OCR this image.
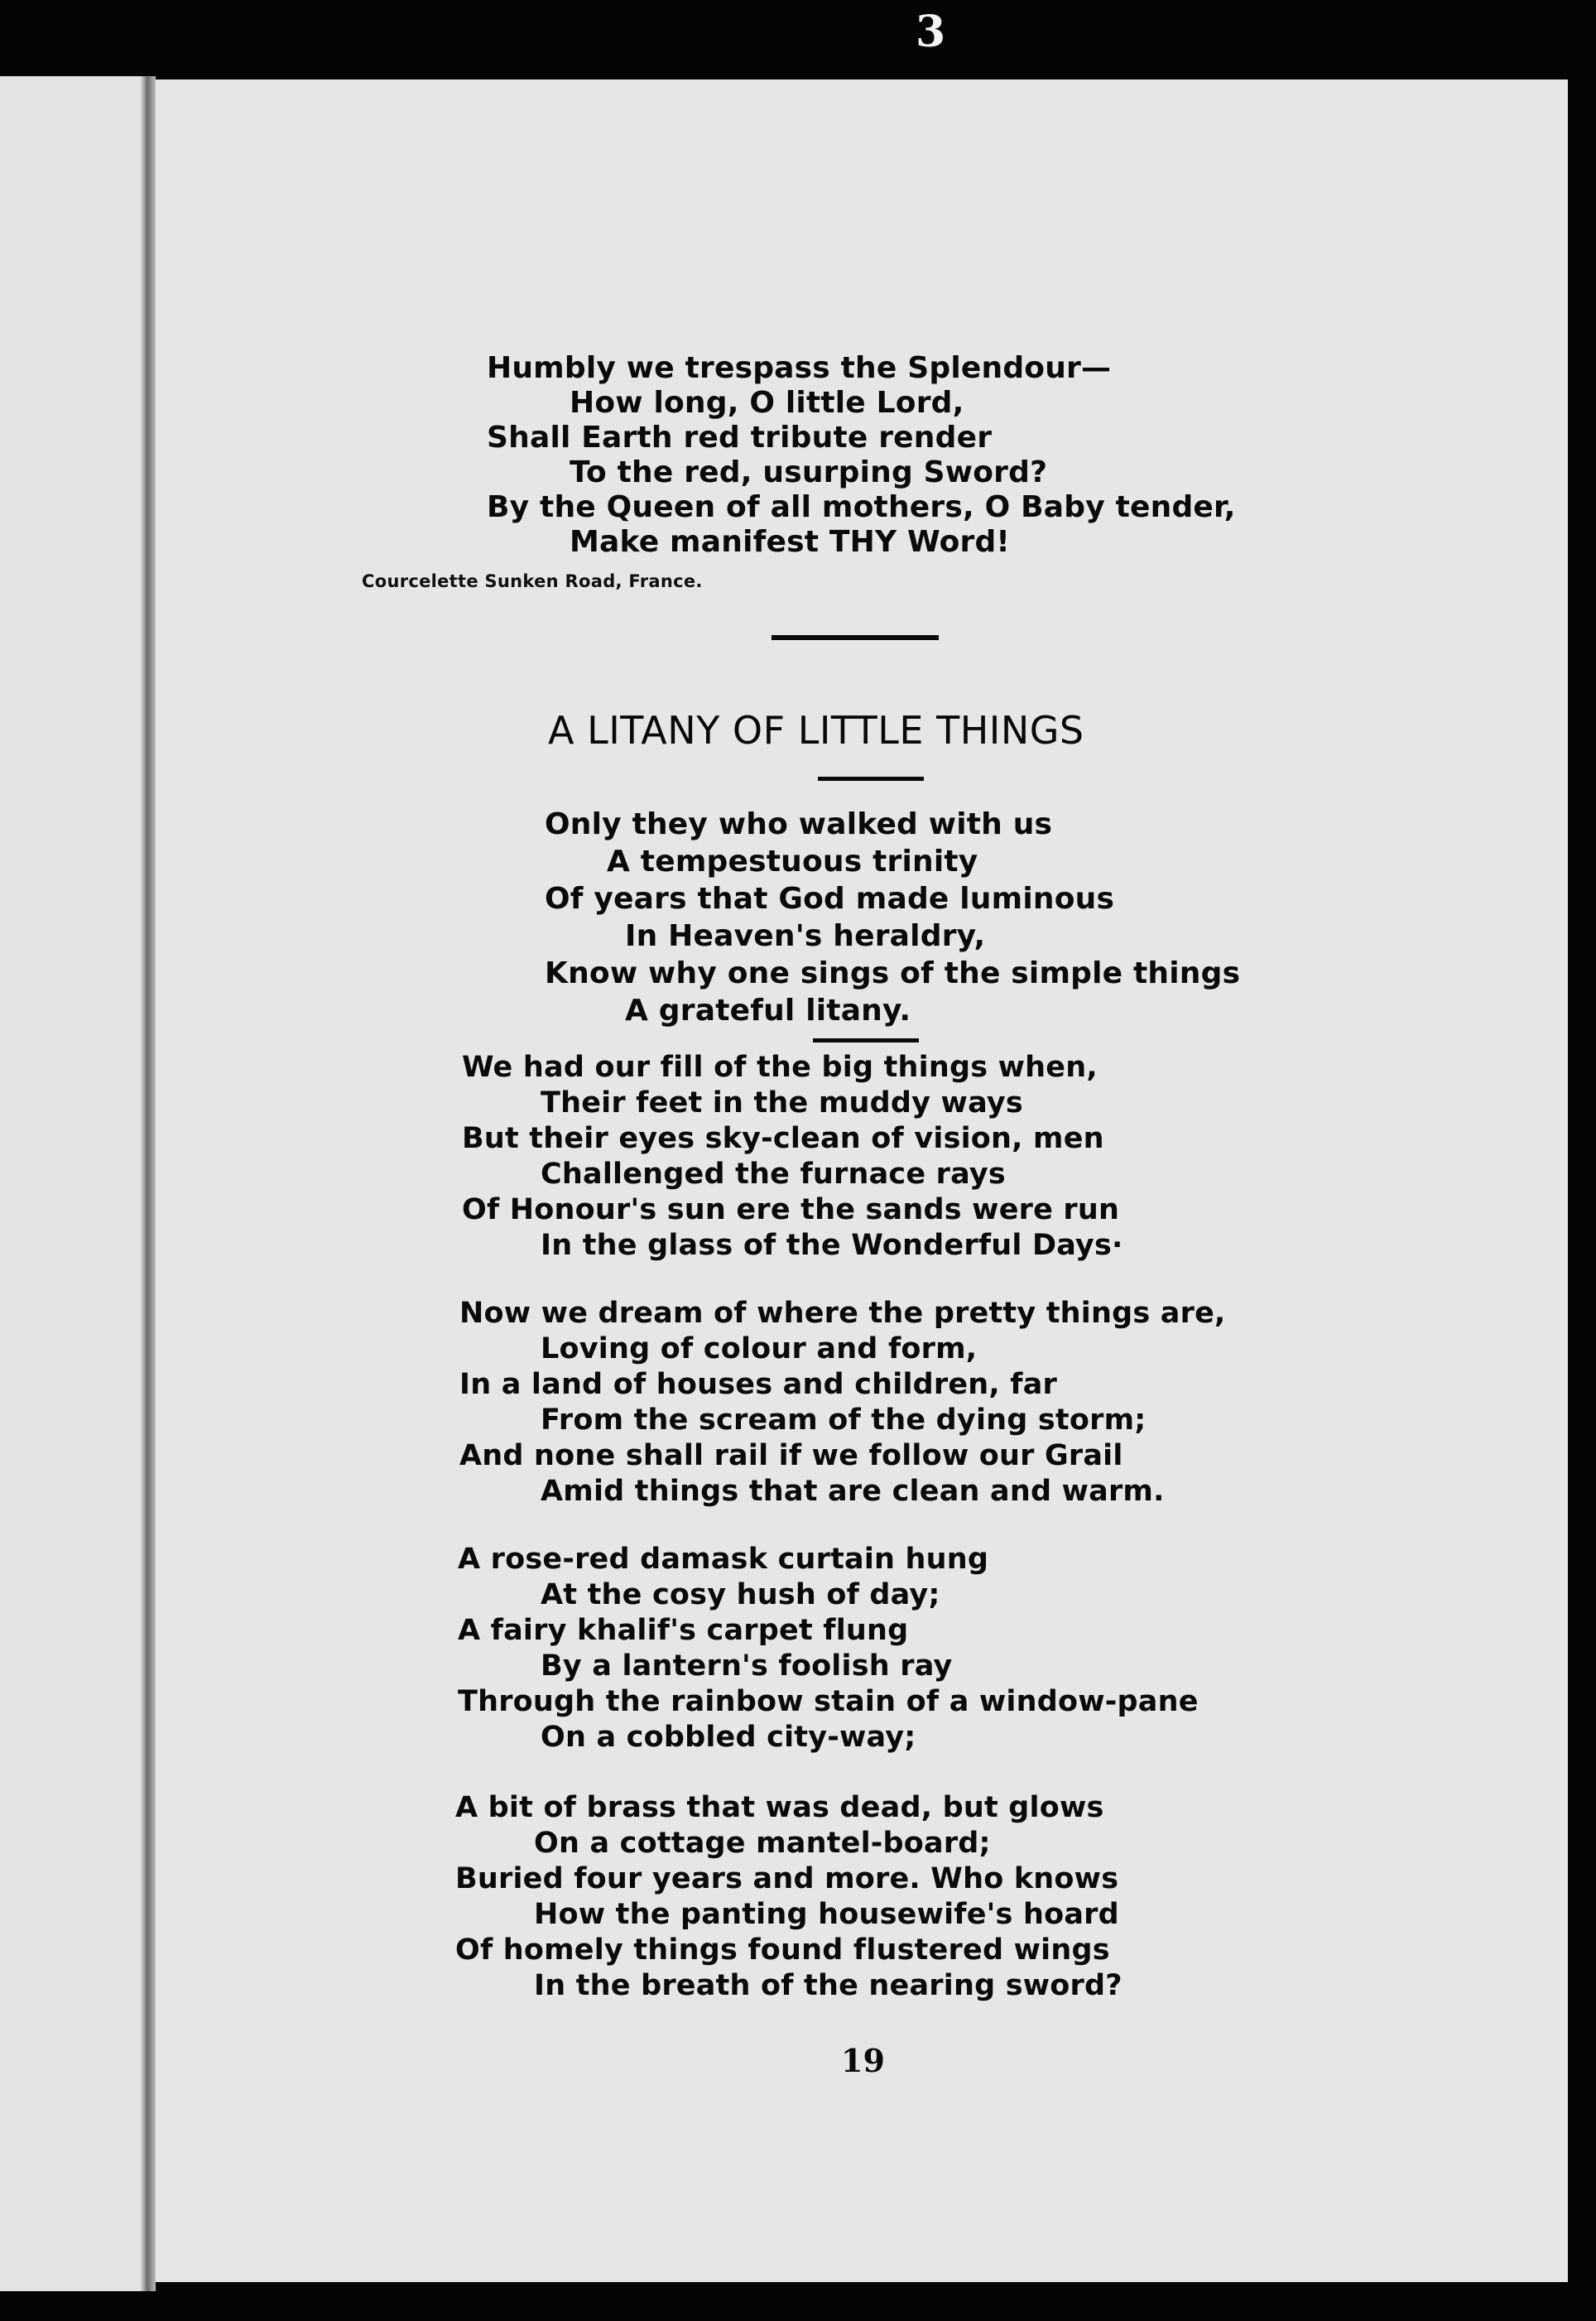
3
Humbly we trespass the Splendour—
How long, O little Lord,
Shall Earth red tribute render
To the red, usurping Sword?
By the Queen of all mothers, O Baby tender,
Make manifest THY Word!
Courcelette Sunken Road, France.
A LITANY OF LITTLE THINGS
Only they who walked with us
A tempestuous trinity
Of years that God made luminous
In Heaven's heraldry,
Know why one sings of the simple things
A grateful litany.
We had our fill of the big things when,
Their feet in the muddy ways
But their eyes sky-clean of vision, men
Challenged the furnace rays
Of Honour's sun ere the sands were run
In the glass of the Wonderful Days·
Now we dream of where the pretty things are,
Loving of colour and form,
In a land of houses and children, far
From the scream of the dying storm;
And none shall rail if we follow our Grail
Amid things that are clean and warm.
A rose-red damask curtain hung
At the cosy hush of day;
A fairy khalif's carpet flung
By a lantern's foolish ray
Through the rainbow stain of a window-pane
On a cobbled city-way;
A bit of brass that was dead, but glows
On a cottage mantel-board;
Buried four years and more. Who knows
How the panting housewife's hoard
Of homely things found flustered wings
In the breath of the nearing sword?
19
